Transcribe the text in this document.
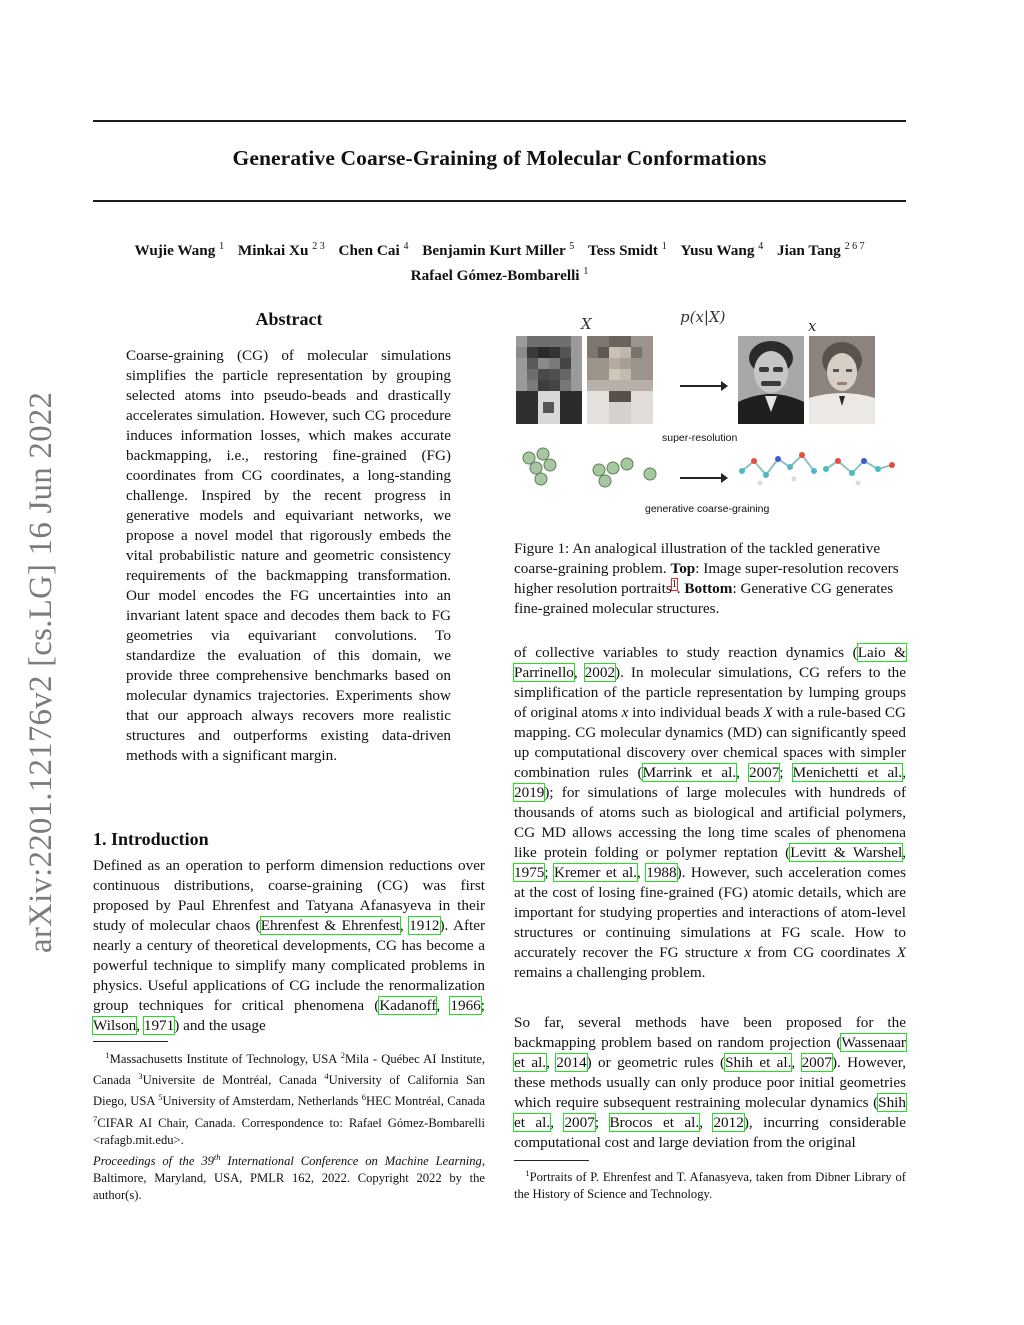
Generative Coarse-Graining of Molecular Conformations
Wujie Wang $^1$ Minkai Xu $^{2 3}$ Chen Cai $^4$ Benjamin Kurt Miller $^5$ Tess Smidt $^1$ Yusu Wang $^4$ Jian Tang $^{2 6 7}$
Rafael Gómez-Bombarelli $^1$
arXiv:2201.12176v2 [cs.LG] 16 Jun 2022
Abstract

Coarse-graining (CG) of molecular simulations simplifies the particle representation by grouping selected atoms into pseudo-beads and drastically accelerates simulation. However, such CG procedure induces information losses, which makes accurate backmapping, i.e., restoring fine-grained (FG) coordinates from CG coordinates, a long-standing challenge. Inspired by the recent progress in generative models and equivariant networks, we propose a novel model that rigorously embeds the vital probabilistic nature and geometric consistency requirements of the backmapping transformation. Our model encodes the FG uncertainties into an invariant latent space and decodes them back to FG geometries via equivariant convolutions. To standardize the evaluation of this domain, we provide three comprehensive benchmarks based on molecular dynamics trajectories. Experiments show that our approach always recovers more realistic structures and outperforms existing data-driven methods with a significant margin.

1. Introduction

Defined as an operation to perform dimension reductions over continuous distributions, coarse-graining (CG) was first proposed by Paul Ehrenfest and Tatyana Afanasyeva in their study of molecular chaos (Ehrenfest & Ehrenfest, 1912). After nearly a century of theoretical developments, CG has become a powerful technique to simplify many complicated problems in physics. Useful applications of CG include the renormalization group techniques for critical phenomena (Kadanoff, 1966; Wilson, 1971) and the usage

$^1$Massachusetts Institute of Technology, USA $^2$Mila - Québec AI Institute, Canada $^3$Universite de Montréal, Canada $^4$University of California San Diego, USA $^5$University of Amsterdam, Netherlands $^6$HEC Montréal, Canada $^7$CIFAR AI Chair, Canada. Correspondence to: Rafael Gómez-Bombarelli <rafagb.mit.edu>.
Proceedings of the 39th International Conference on Machine Learning, Baltimore, Maryland, USA, PMLR 162, 2022. Copyright 2022 by the author(s).
X	p(x|X)	x
super-resolution
generative coarse-graining

Figure 1: An analogical illustration of the tackled generative coarse-graining problem. Top: Image super-resolution recovers higher resolution portraits$^1$. Bottom: Generative CG generates fine-grained molecular structures.

of collective variables to study reaction dynamics (Laio & Parrinello, 2002). In molecular simulations, CG refers to the simplification of the particle representation by lumping groups of original atoms x into individual beads X with a rule-based CG mapping. CG molecular dynamics (MD) can significantly speed up computational discovery over chemical spaces with simpler combination rules (Marrink et al., 2007; Menichetti et al., 2019); for simulations of large molecules with hundreds of thousands of atoms such as biological and artificial polymers, CG MD allows accessing the long time scales of phenomena like protein folding or polymer reptation (Levitt & Warshel, 1975; Kremer et al., 1988). However, such acceleration comes at the cost of losing fine-grained (FG) atomic details, which are important for studying properties and interactions of atom-level structures or continuing simulations at FG scale. How to accurately recover the FG structure x from CG coordinates X remains a challenging problem.

So far, several methods have been proposed for the backmapping problem based on random projection (Wassenaar et al., 2014) or geometric rules (Shih et al., 2007). However, these methods usually can only produce poor initial geometries which require subsequent restraining molecular dynamics (Shih et al., 2007; Brocos et al., 2012), incurring considerable computational cost and large deviation from the original

$^1$Portraits of P. Ehrenfest and T. Afanasyeva, taken from Dibner Library of the History of Science and Technology.
